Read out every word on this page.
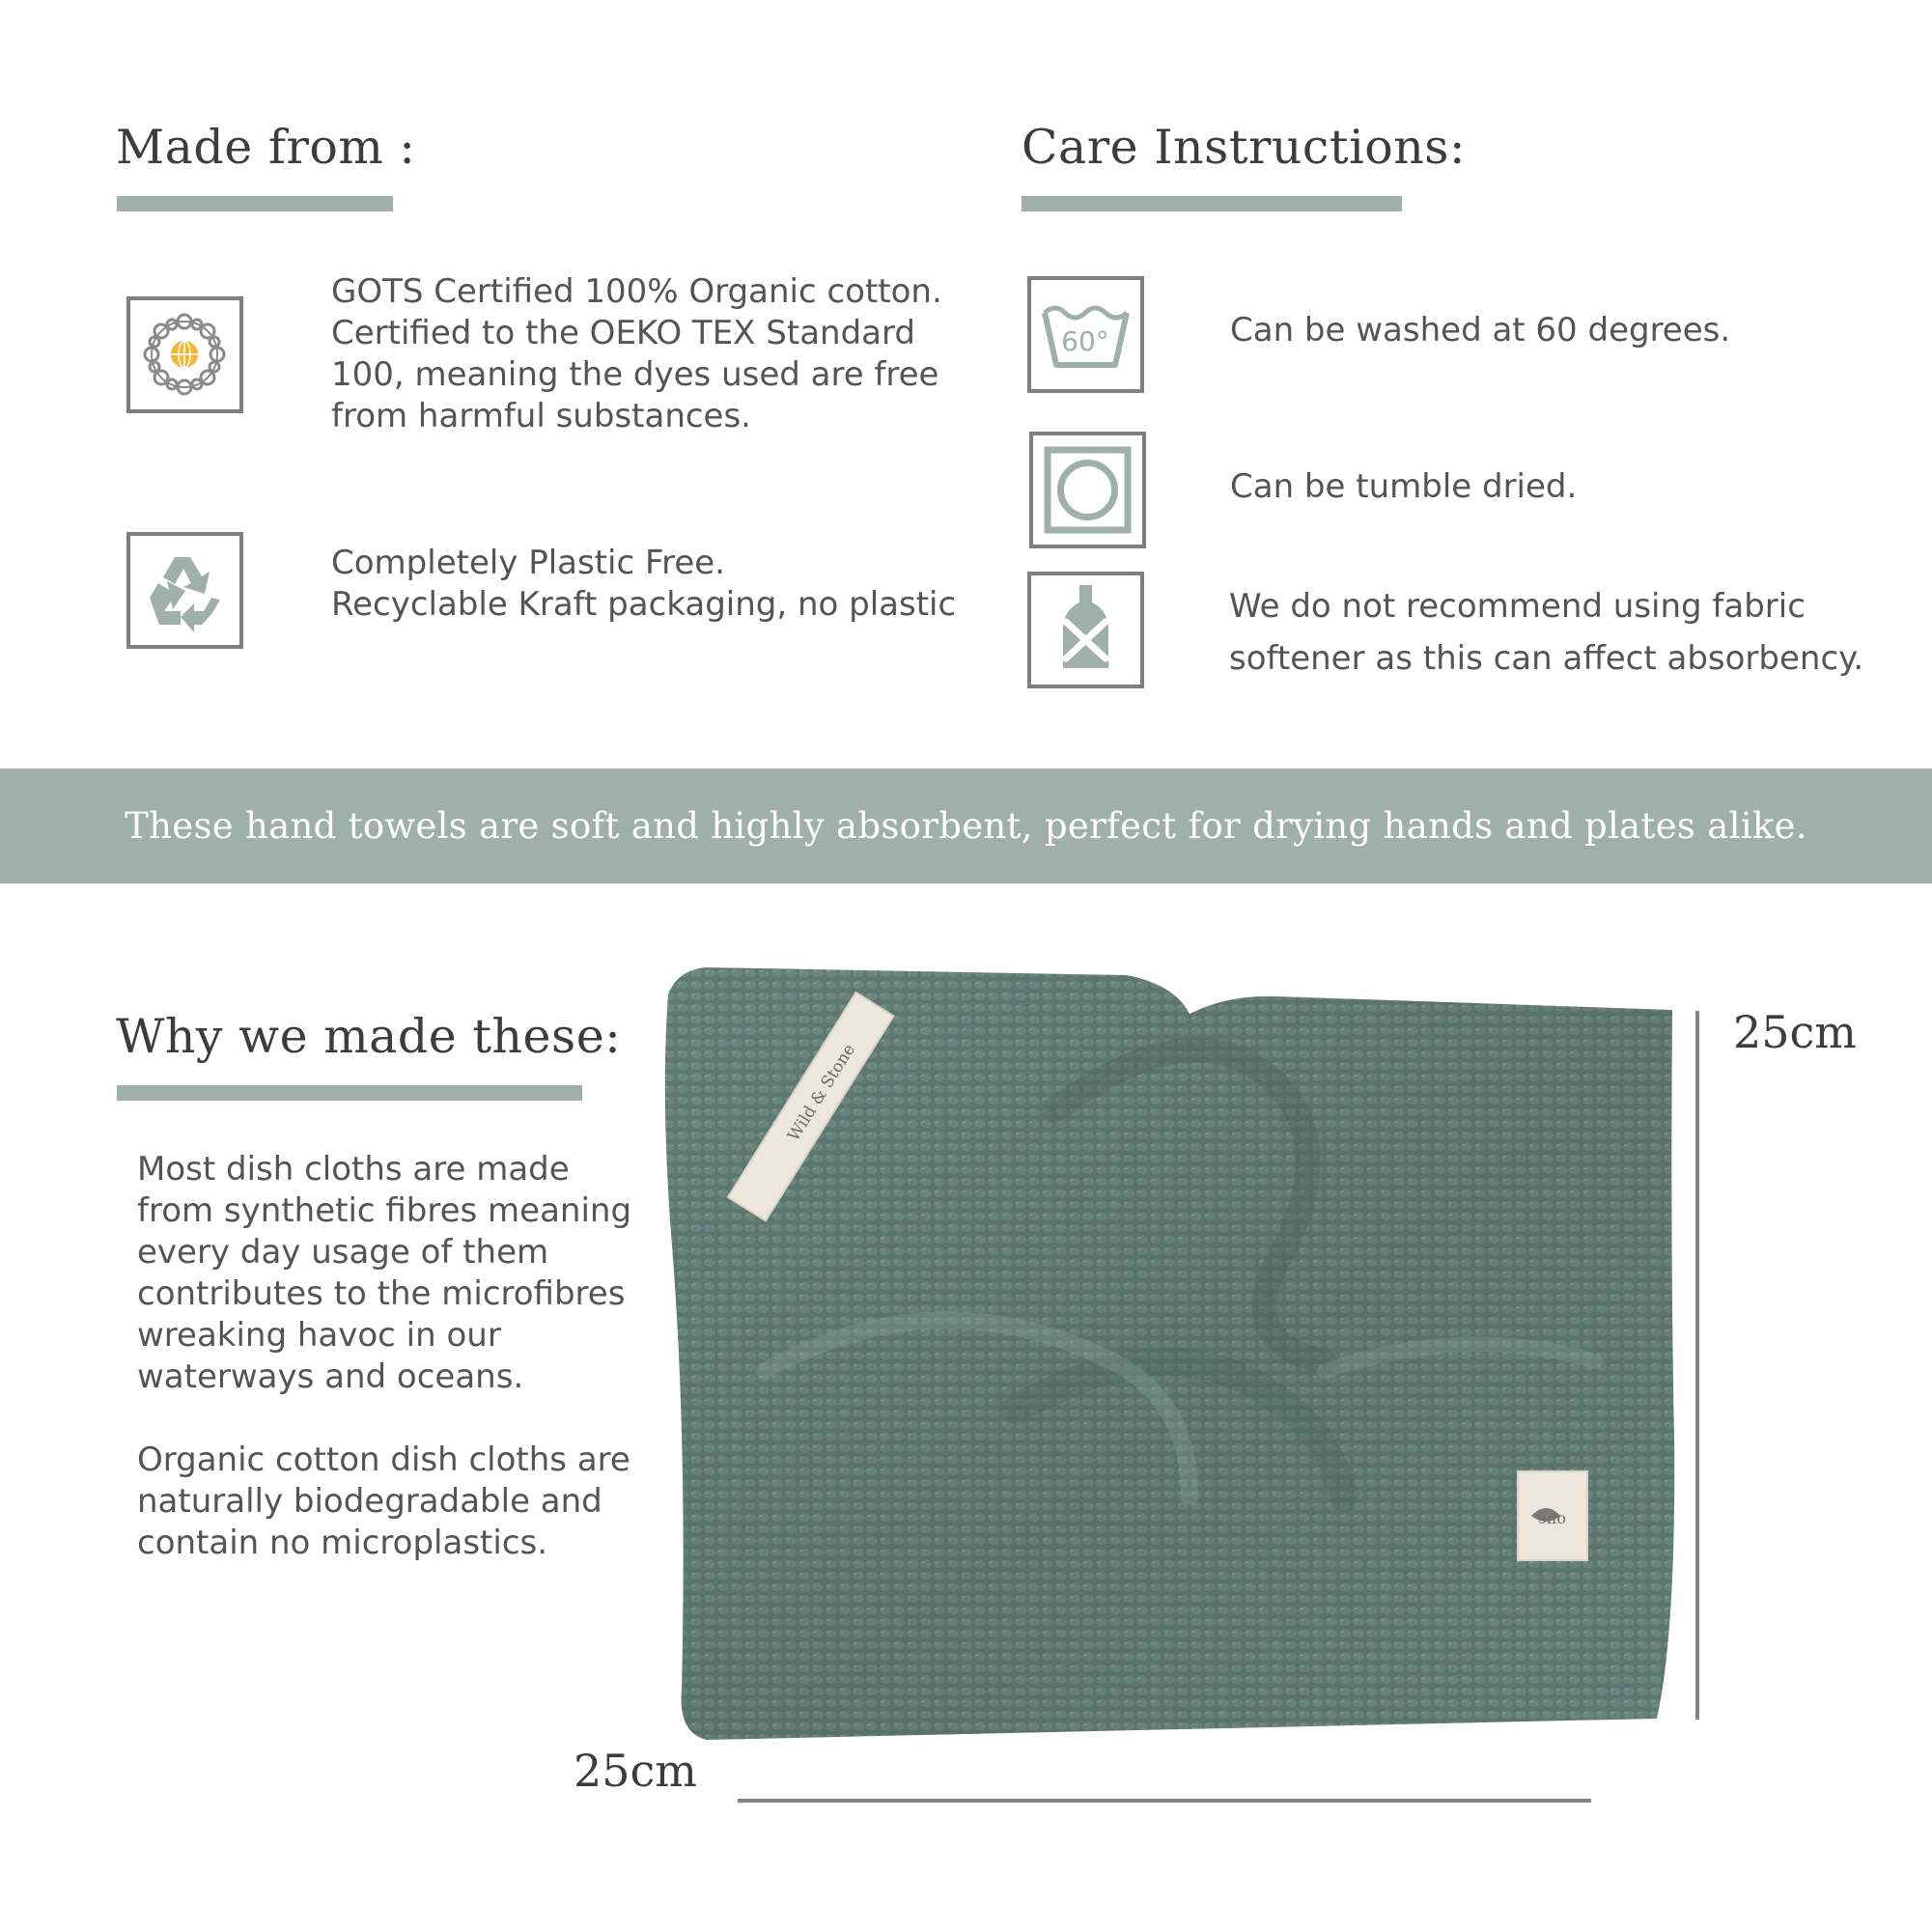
Made from :

GOTS Certified 100% Organic cotton.

Certified to the OEKO TEX Standard

100, meaning the dyes used are free

from harmful substances.

Completely Plastic Free.

Recyclable Kraft packaging, no plastic

Care Instructions:
60°	Can be washed at 60 degrees.

Can be tumble dried.

We do not recommend using fabric

softener as this can affect absorbency.

These hand towels are soft and highly absorbent, perfect for drying hands and plates alike.
Why we made these:

Most dish cloths are made from synthetic fibres meaning every day usage of them contributes to the microfibres wreaking havoc in our waterways and oceans.

Organic cotton dish cloths are naturally biodegradable and contain no microplastics.

Wild & Stone
one
25cm
25cm
